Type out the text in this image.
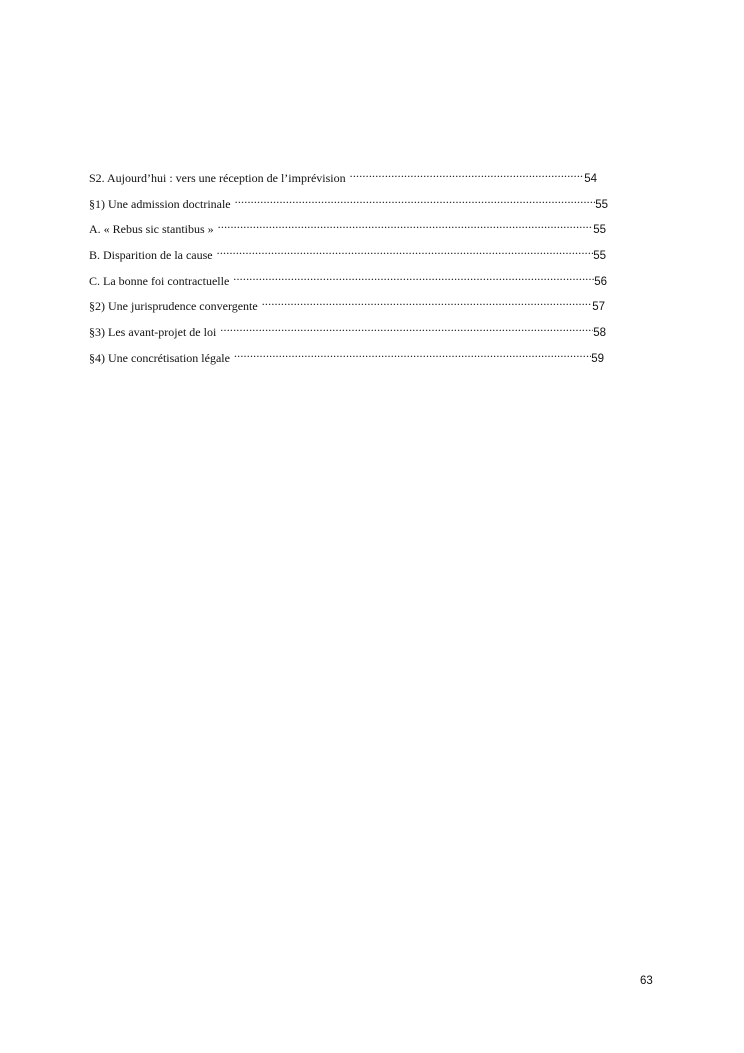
S2. Aujourd’hui : vers une réception de l’imprévision .....	54
§1) Une admission doctrinale .....	55
A. « Rebus sic stantibus » .....	55
B. Disparition de la cause .....	55
C. La bonne foi contractuelle .....	56
§2) Une jurisprudence convergente .....	57
§3) Les avant-projet de loi .....	58
§4) Une concrétisation légale .....	59
63
